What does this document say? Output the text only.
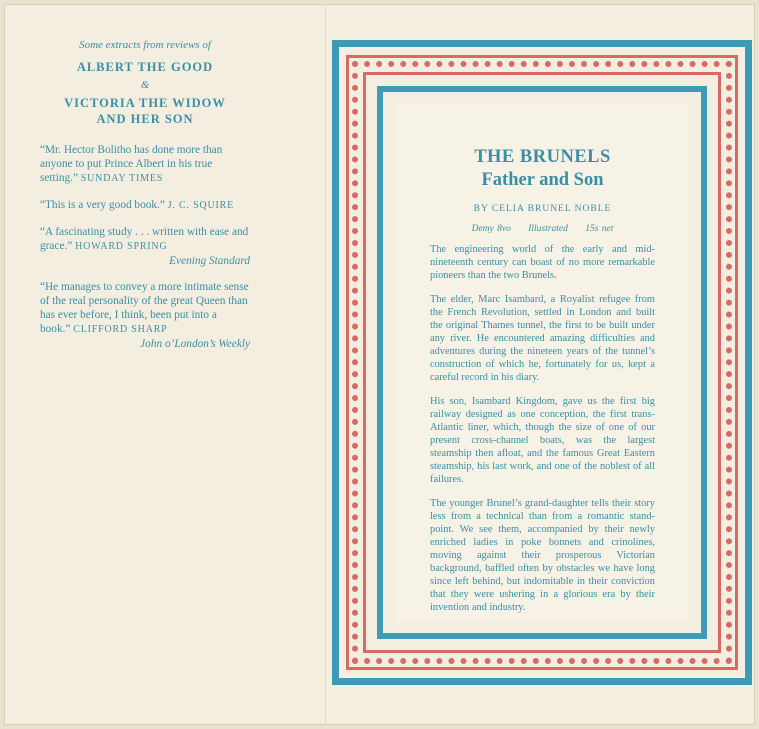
Some extracts from reviews of
ALBERT THE GOOD
&
VICTORIA THE WIDOW
AND HER SON
“Mr. Hector Bolitho has done more than anyone to put Prince Albert in his true setting.” SUNDAY TIMES
“This is a very good book.” J. C. SQUIRE
“A fascinating study . . . written with ease and grace.” HOWARD SPRING
Evening Standard
“He manages to convey a more intimate sense of the real personality of the great Queen than has ever before, I think, been put into a book.” CLIFFORD SHARP
John o’London’s Weekly
THE BRUNELS
Father and Son
BY CELIA BRUNEL NOBLE
Demy 8vo Illustrated 15s net

The engineering world of the early and mid-nineteenth century can boast of no more remarkable pioneers than the two Brunels.

The elder, Marc Isambard, a Royalist refugee from the French Revolution, settled in London and built the original Thames tunnel, the first to be built under any river. He encountered amazing difficulties and adventures during the nineteen years of the tunnel’s construction of which he, fortunately for us, kept a careful record in his diary.

His son, Isambard Kingdom, gave us the first big railway designed as one conception, the first trans-Atlantic liner, which, though the size of one of our present cross-channel boats, was the largest steamship then afloat, and the famous Great Eastern steamship, his last work, and one of the noblest of all failures.

The younger Brunel’s grand-daughter tells their story less from a technical than from a romantic stand-point. We see them, accompanied by their newly enriched ladies in poke bonnets and crinolines, moving against their prosperous Victorian background, baffled often by obstacles we have long since left behind, but indomitable in their conviction that they were ushering in a glorious era by their invention and industry.
